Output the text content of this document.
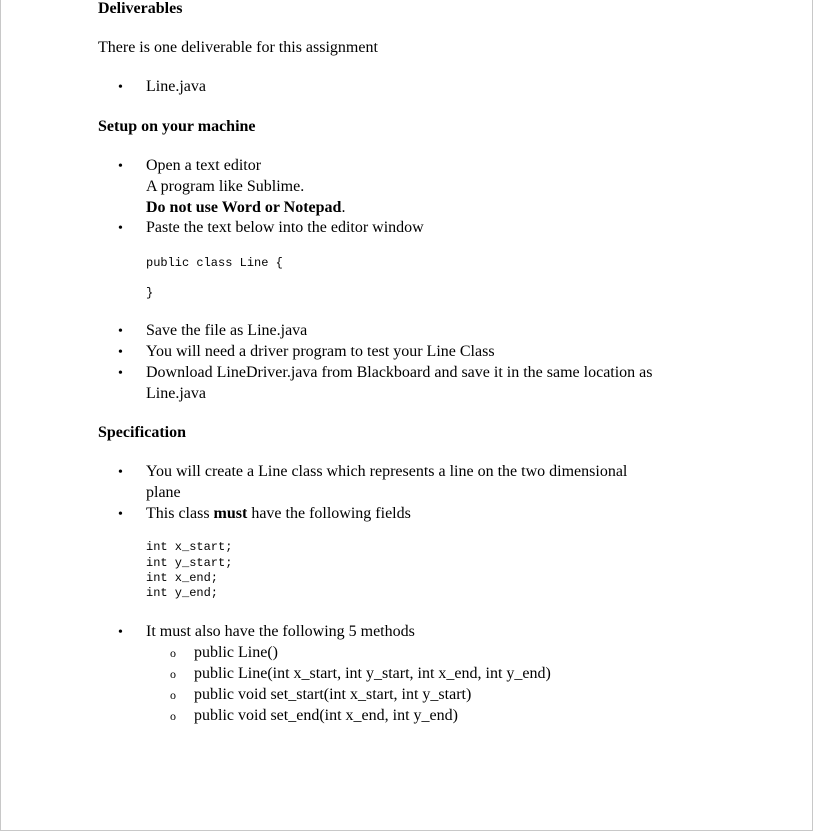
Deliverables
There is one deliverable for this assignment
• Line.java
Setup on your machine
• Open a text editor
A program like Sublime.
Do not use Word or Notepad.
• Paste the text below into the editor window
public class Line {
}
• Save the file as Line.java
• You will need a driver program to test your Line Class
• Download LineDriver.java from Blackboard and save it in the same location as
Line.java
Specification
• You will create a Line class which represents a line on the two dimensional
plane
• This class must have the following fields
int x_start;
int y_start;
int x_end;
int y_end;
• It must also have the following 5 methods
o public Line()
o public Line(int x_start, int y_start, int x_end, int y_end)
o public void set_start(int x_start, int y_start)
o public void set_end(int x_end, int y_end)
